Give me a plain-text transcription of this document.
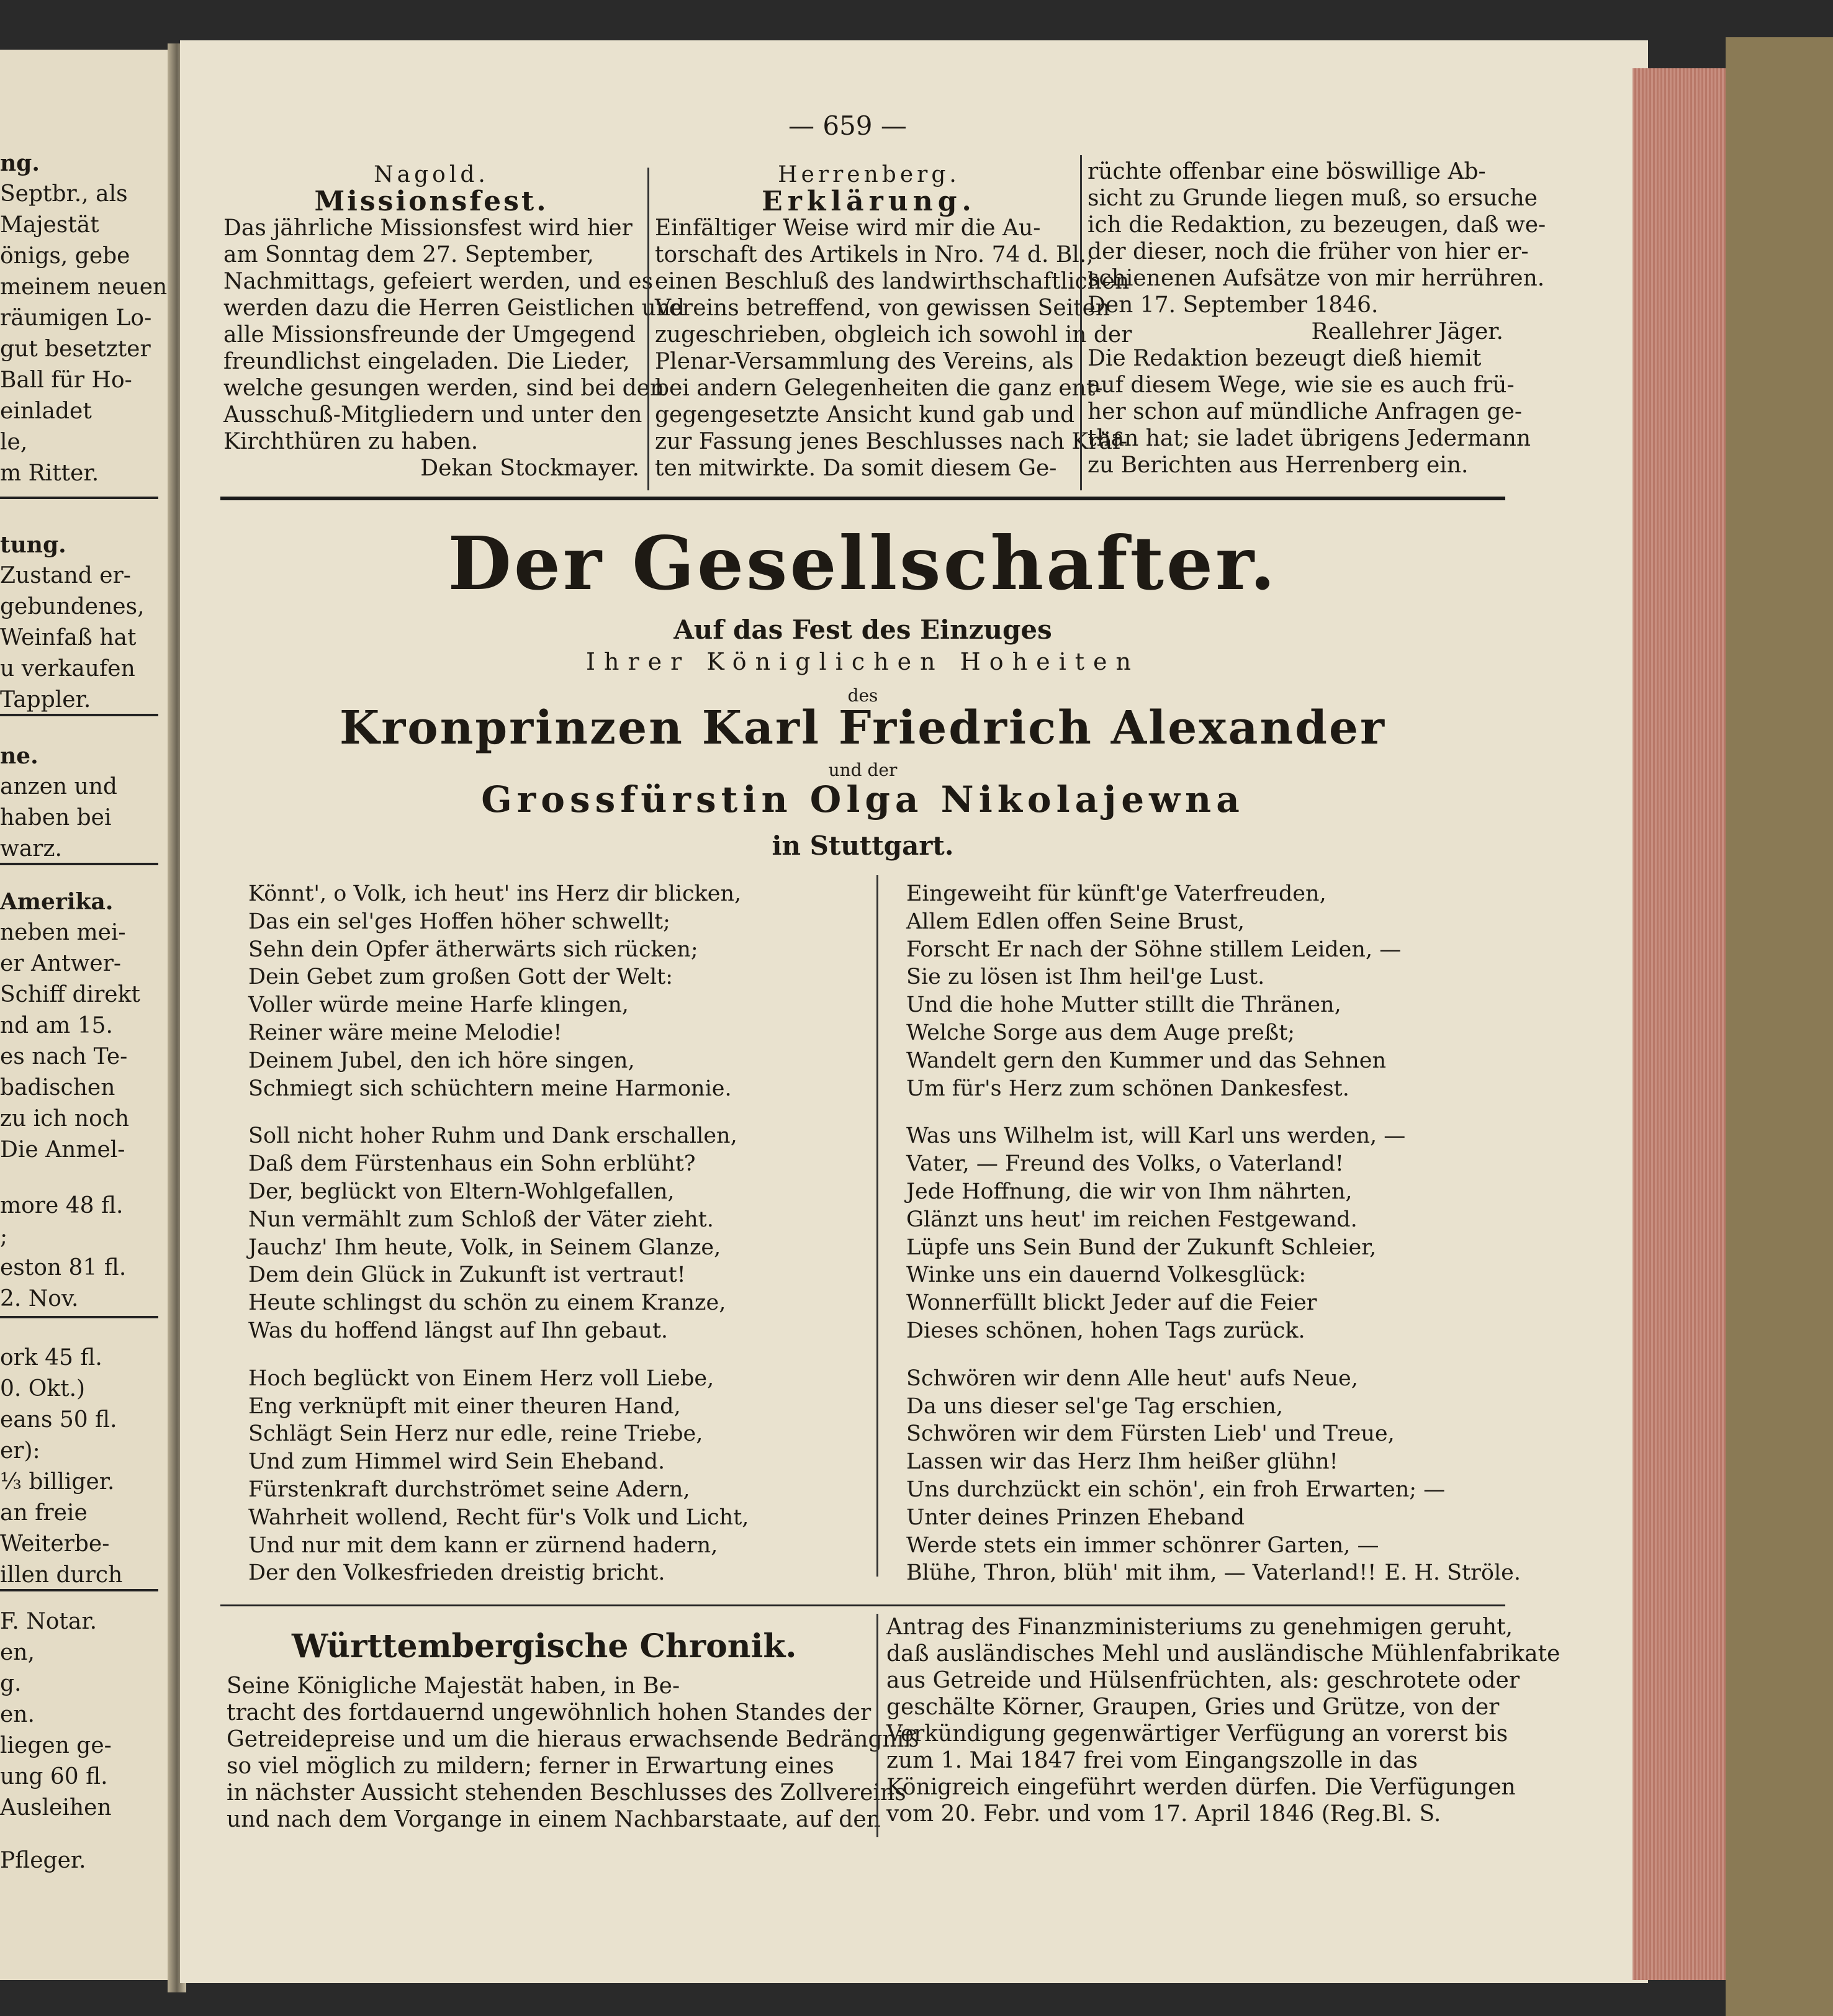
ng.
Septbr., als
Majestät
önigs, gebe
meinem neuen
räumigen Lo-
gut besetzter
Ball für Ho-
einladet
le,
m Ritter.
tung.
Zustand er-
gebundenes,
Weinfaß hat
u verkaufen
Tappler.
ne.
anzen und
haben bei
warz.
Amerika.
neben mei-
er Antwer-
Schiff direkt
nd am 15.
es nach Te-
badischen
zu ich noch
Die Anmel-
more 48 fl.
;
eston 81 fl.
2. Nov.
ork 45 fl.
0. Okt.)
eans 50 fl.
er):
⅓ billiger.
an freie
Weiterbe-
illen durch
F. Notar.
en,
g.
en.
liegen ge-
ung 60 fl.
Ausleihen
Pfleger.
— 659 —

Nagold.

Missionsfest.

Das jährliche Missionsfest wird hier

am Sonntag dem 27. September,

Nachmittags, gefeiert werden, und es

werden dazu die Herren Geistlichen und

alle Missionsfreunde der Umgegend

freundlichst eingeladen. Die Lieder,

welche gesungen werden, sind bei den

Ausschuß-Mitgliedern und unter den

Kirchthüren zu haben.

Dekan Stockmayer.

Herrenberg.

Erklärung.

Einfältiger Weise wird mir die Au-

torschaft des Artikels in Nro. 74 d. Bl.,

einen Beschluß des landwirthschaftlichen

Vereins betreffend, von gewissen Seiten

zugeschrieben, obgleich ich sowohl in der

Plenar-Versammlung des Vereins, als

bei andern Gelegenheiten die ganz ent-

gegengesetzte Ansicht kund gab und

zur Fassung jenes Beschlusses nach Kräf-

ten mitwirkte. Da somit diesem Ge-

rüchte offenbar eine böswillige Ab-

sicht zu Grunde liegen muß, so ersuche

ich die Redaktion, zu bezeugen, daß we-

der dieser, noch die früher von hier er-

schienenen Aufsätze von mir herrühren.

Den 17. September 1846.

Reallehrer Jäger.

Die Redaktion bezeugt dieß hiemit

auf diesem Wege, wie sie es auch frü-

her schon auf mündliche Anfragen ge-

than hat; sie ladet übrigens Jedermann

zu Berichten aus Herrenberg ein.

Der Gesellschafter.
Auf das Fest des Einzuges
Ihrer Königlichen Hoheiten
des
Kronprinzen Karl Friedrich Alexander
und der
Grossfürstin Olga Nikolajewna
in Stuttgart.

Könnt', o Volk, ich heut' ins Herz dir blicken,

Das ein sel'ges Hoffen höher schwellt;

Sehn dein Opfer ätherwärts sich rücken;

Dein Gebet zum großen Gott der Welt:

Voller würde meine Harfe klingen,

Reiner wäre meine Melodie!

Deinem Jubel, den ich höre singen,

Schmiegt sich schüchtern meine Harmonie.

Soll nicht hoher Ruhm und Dank erschallen,

Daß dem Fürstenhaus ein Sohn erblüht?

Der, beglückt von Eltern-Wohlgefallen,

Nun vermählt zum Schloß der Väter zieht.

Jauchz' Ihm heute, Volk, in Seinem Glanze,

Dem dein Glück in Zukunft ist vertraut!

Heute schlingst du schön zu einem Kranze,

Was du hoffend längst auf Ihn gebaut.

Hoch beglückt von Einem Herz voll Liebe,

Eng verknüpft mit einer theuren Hand,

Schlägt Sein Herz nur edle, reine Triebe,

Und zum Himmel wird Sein Eheband.

Fürstenkraft durchströmet seine Adern,

Wahrheit wollend, Recht für's Volk und Licht,

Und nur mit dem kann er zürnend hadern,

Der den Volkesfrieden dreistig bricht.

Eingeweiht für künft'ge Vaterfreuden,

Allem Edlen offen Seine Brust,

Forscht Er nach der Söhne stillem Leiden, —

Sie zu lösen ist Ihm heil'ge Lust.

Und die hohe Mutter stillt die Thränen,

Welche Sorge aus dem Auge preßt;

Wandelt gern den Kummer und das Sehnen

Um für's Herz zum schönen Dankesfest.

Was uns Wilhelm ist, will Karl uns werden, —

Vater, — Freund des Volks, o Vaterland!

Jede Hoffnung, die wir von Ihm nährten,

Glänzt uns heut' im reichen Festgewand.

Lüpfe uns Sein Bund der Zukunft Schleier,

Winke uns ein dauernd Volkesglück:

Wonnerfüllt blickt Jeder auf die Feier

Dieses schönen, hohen Tags zurück.

Schwören wir denn Alle heut' aufs Neue,

Da uns dieser sel'ge Tag erschien,

Schwören wir dem Fürsten Lieb' und Treue,

Lassen wir das Herz Ihm heißer glühn!

Uns durchzückt ein schön', ein froh Erwarten; —

Unter deines Prinzen Eheband

Werde stets ein immer schönrer Garten, —

Blühe, Thron, blüh' mit ihm, — Vaterland!! E. H. Ströle.
Württembergische Chronik.

Seine Königliche Majestät haben, in Be-

tracht des fortdauernd ungewöhnlich hohen Standes der

Getreidepreise und um die hieraus erwachsende Bedrängniß

so viel möglich zu mildern; ferner in Erwartung eines

in nächster Aussicht stehenden Beschlusses des Zollvereins

und nach dem Vorgange in einem Nachbarstaate, auf den

Antrag des Finanzministeriums zu genehmigen geruht,

daß ausländisches Mehl und ausländische Mühlenfabrikate

aus Getreide und Hülsenfrüchten, als: geschrotete oder

geschälte Körner, Graupen, Gries und Grütze, von der

Verkündigung gegenwärtiger Verfügung an vorerst bis

zum 1. Mai 1847 frei vom Eingangszolle in das

Königreich eingeführt werden dürfen. Die Verfügungen

vom 20. Febr. und vom 17. April 1846 (Reg.Bl. S.
